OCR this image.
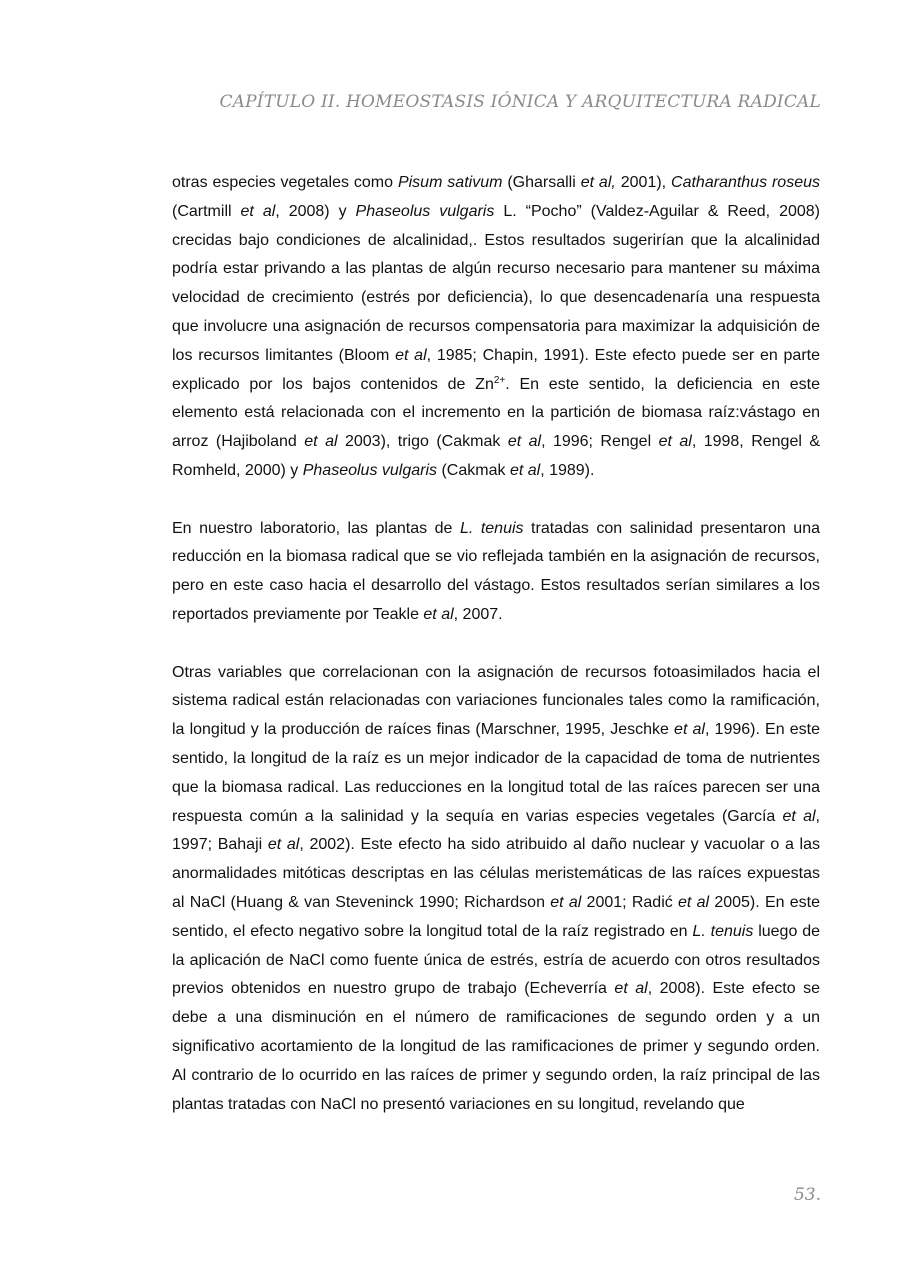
CAPÍTULO II. HOMEOSTASIS IÓNICA Y ARQUITECTURA RADICAL

otras especies vegetales como Pisum sativum (Gharsalli et al, 2001), Catharanthus roseus (Cartmill et al, 2008) y Phaseolus vulgaris L. “Pocho” (Valdez-Aguilar & Reed, 2008) crecidas bajo condiciones de alcalinidad,. Estos resultados sugerirían que la alcalinidad podría estar privando a las plantas de algún recurso necesario para mantener su máxima velocidad de crecimiento (estrés por deficiencia), lo que desencadenaría una respuesta que involucre una asignación de recursos compensatoria para maximizar la adquisición de los recursos limitantes (Bloom et al, 1985; Chapin, 1991). Este efecto puede ser en parte explicado por los bajos contenidos de $Zn^{2+}$. En este sentido, la deficiencia en este elemento está relacionada con el incremento en la partición de biomasa raíz:vástago en arroz (Hajiboland et al 2003), trigo (Cakmak et al, 1996; Rengel et al, 1998, Rengel & Romheld, 2000) y Phaseolus vulgaris (Cakmak et al, 1989).

En nuestro laboratorio, las plantas de L. tenuis tratadas con salinidad presentaron una reducción en la biomasa radical que se vio reflejada también en la asignación de recursos, pero en este caso hacia el desarrollo del vástago. Estos resultados serían similares a los reportados previamente por Teakle et al, 2007.

Otras variables que correlacionan con la asignación de recursos fotoasimilados hacia el sistema radical están relacionadas con variaciones funcionales tales como la ramificación, la longitud y la producción de raíces finas (Marschner, 1995, Jeschke et al, 1996). En este sentido, la longitud de la raíz es un mejor indicador de la capacidad de toma de nutrientes que la biomasa radical. Las reducciones en la longitud total de las raíces parecen ser una respuesta común a la salinidad y la sequía en varias especies vegetales (García et al, 1997; Bahaji et al, 2002). Este efecto ha sido atribuido al daño nuclear y vacuolar o a las anormalidades mitóticas descriptas en las células meristemáticas de las raíces expuestas al NaCl (Huang & van Steveninck 1990; Richardson et al 2001; Radić et al 2005). En este sentido, el efecto negativo sobre la longitud total de la raíz registrado en L. tenuis luego de la aplicación de NaCl como fuente única de estrés, estría de acuerdo con otros resultados previos obtenidos en nuestro grupo de trabajo (Echeverría et al, 2008). Este efecto se debe a una disminución en el número de ramificaciones de segundo orden y a un significativo acortamiento de la longitud de las ramificaciones de primer y segundo orden. Al contrario de lo ocurrido en las raíces de primer y segundo orden, la raíz principal de las plantas tratadas con NaCl no presentó variaciones en su longitud, revelando que

53.
